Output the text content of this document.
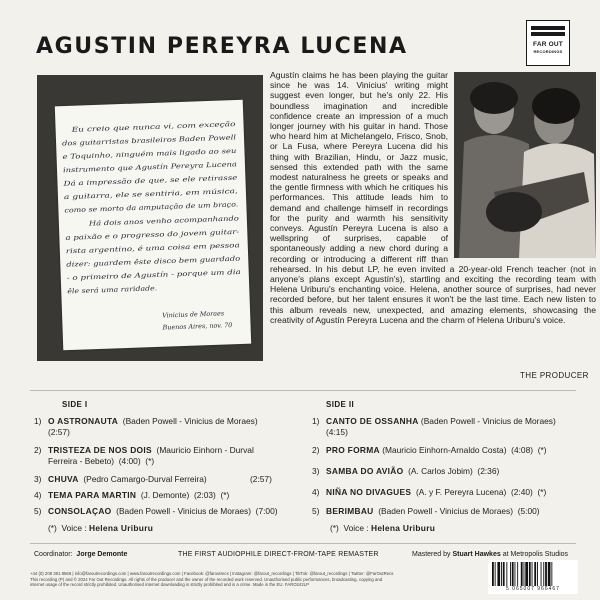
AGUSTIN PEREYRA LUCENA	FAR OUT
RECORDINGS
Eu creio que nunca vi, com exceção
dos guitarristas brasileiros Baden Powell
e Toquinho, ninguém mais ligado ao seu
instrumento que Agustín Pereyra Lucena
Dá a impressão de que, se ele retirasse
a guitarra, ele se sentiria, em música,
como se morto da amputação de um braço.
Há dois anos venho acompanhando
a paixão e o progresso do jovem guitar-
rista argentino, é uma coisa em pessoa
dizer: guardem êste disco bem guardado
- o primeiro de Agustín - porque um dia
êle será uma raridade.
Vinicius de Moraes
Buenos Aires, nov. 70
Agustín claims he has been playing the guitar since he was 14. Vinicius' writing might suggest even longer, but he's only 22. His boundless imagination and incredible confidence create an impression of a much longer journey with his guitar in hand. Those who heard him at Michelangelo, Frisco, Snob, or La Fusa, where Pereyra Lucena did his thing with Brazilian, Hindu, or Jazz music, sensed this extended path with the same modest naturalness he greets or speaks and the gentle firmness with which he critiques his performances. This attitude leads him to demand and challenge himself in recordings for the purity and warmth his sensitivity conveys. Agustín Pereyra Lucena is also a wellspring of surprises, capable of spontaneously adding a new chord during a recording or introducing a different riff than rehearsed. In his debut LP, he even invited a 20-year-old French teacher (not in anyone's plans except Agustín's), startling and exciting the recording team with Helena Uriburu's enchanting voice. Helena, another source of surprises, had never recorded before, but her talent ensures it won't be the last time. Each new listen to this album reveals new, unexpected, and amazing elements, showcasing the creativity of Agustín Pereyra Lucena and the charm of Helena Uriburu's voice.
THE PRODUCER
SIDE I
1) O ASTRONAUTA (Baden Powell - Vinicius de Moraes)
(2:57)
2) TRISTEZA DE NOS DOIS (Mauricio Einhorn - Durval
Ferreira - Bebeto) (4:00) (*)
3) CHUVA (Pedro Camargo-Durval Ferreira)	(2:57)
4) TEMA PARA MARTIN (J. Demonte) (2:03) (*)
5) CONSOLAÇAO (Baden Powell - Vinicius de Moraes) (7:00)
(*) Voice : Helena Uriburu
SIDE II
1) CANTO DE OSSANHA (Baden Powell - Vinicius de Moraes)
(4:15)
2) PRO FORMA (Mauricio Einhorn-Arnaldo Costa) (4:08) (*)
3) SAMBA DO AVIÃO (A. Carlos Jobim) (2:36)
4) NIÑA NO DIVAGUES (A. y F. Pereyra Lucena) (2:40) (*)
5) BERIMBAU (Baden Powell - Vinicius de Moraes) (5:00)
(*) Voice : Helena Uriburu
Coordinator: Jorge Demonte	THE FIRST AUDIOPHILE DIRECT-FROM-TAPE REMASTER	Mastered by Stuart Hawkes at Metropolis Studios
+44 (0) 208 391 8566 | info@faroutrecordings.com | www.faroutrecordings.com | Facebook: @faroutrecs | Instagram: @farout_recordings | TikTok: @farout_recordings | Twitter: @FarOutRecs
This recording (P) and © 2024 Far Out Recordings. All rights of the producer and the owner of the recorded work reserved. Unauthorised public performances, broadcasting, copying and
internet usage of the record strictly prohibited. Unauthorised internet downloading is strictly prohibited and is a crime. Made in the EU. FARO242LP
5 065007 966467
